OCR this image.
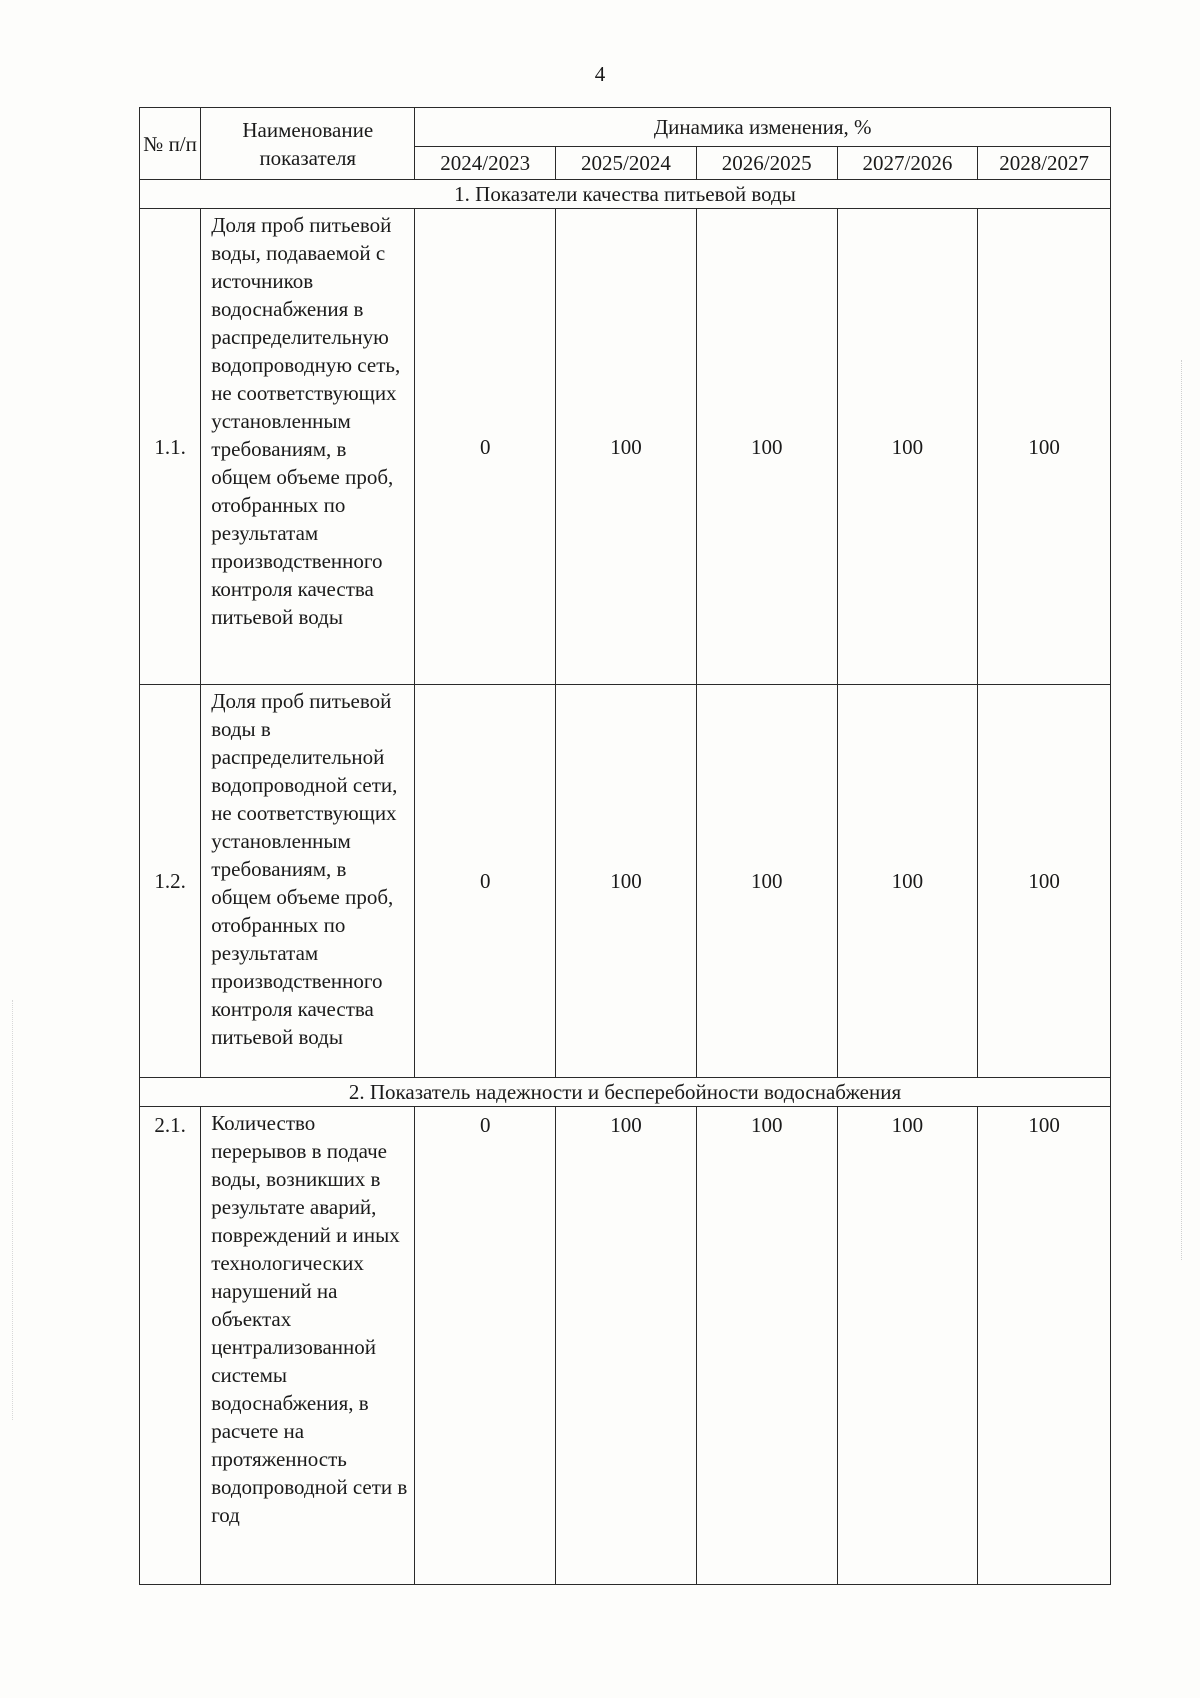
4
№ п/п	Наименование показателя	Динамика изменения, %				
		2024/2023	2025/2024	2026/2025	2027/2026	2028/2027
1. Показатели качества питьевой воды						
1.1.	Доля проб питьевой воды, подаваемой с источников водоснабжения в распределительную водопроводную сеть, не соответствующих установленным требованиям, в общем объеме проб, отобранных по результатам производственного контроля качества питьевой воды	0	100	100	100	100
1.2.	Доля проб питьевой воды в распределительной водопроводной сети, не соответствующих установленным требованиям, в общем объеме проб, отобранных по результатам производственного контроля качества питьевой воды	0	100	100	100	100
2. Показатель надежности и бесперебойности водоснабжения						
2.1.	Количество перерывов в подаче воды, возникших в результате аварий, повреждений и иных технологических нарушений на объектах централизованной системы водоснабжения, в расчете на протяженность водопроводной сети в год	0	100	100	100	100
